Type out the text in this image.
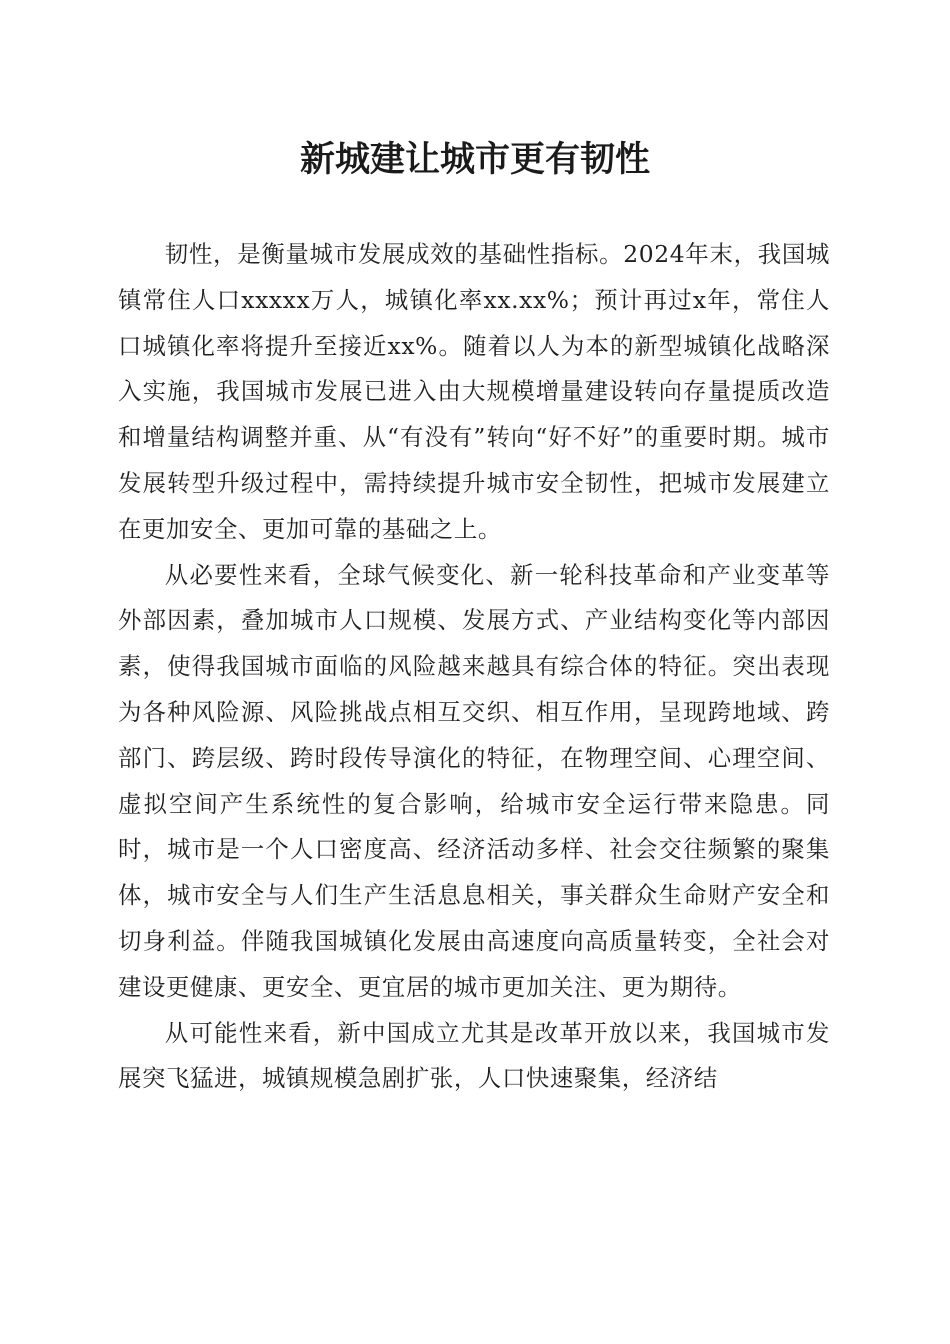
新城建让城市更有韧性

韧性，是衡量城市发展成效的基础性指标。2024年末，我国城镇常住人口xxxxx万人，城镇化率xx.xx%；预计再过x年，常住人口城镇化率将提升至接近xx%。随着以人为本的新型城镇化战略深入实施，我国城市发展已进入由大规模增量建设转向存量提质改造和增量结构调整并重、从“有没有”转向“好不好”的重要时期。城市发展转型升级过程中，需持续提升城市安全韧性，把城市发展建立在更加安全、更加可靠的基础之上。

从必要性来看，全球气候变化、新一轮科技革命和产业变革等外部因素，叠加城市人口规模、发展方式、产业结构变化等内部因素，使得我国城市面临的风险越来越具有综合体的特征。突出表现为各种风险源、风险挑战点相互交织、相互作用，呈现跨地域、跨部门、跨层级、跨时段传导演化的特征，在物理空间、心理空间、虚拟空间产生系统性的复合影响，给城市安全运行带来隐患。同时，城市是一个人口密度高、经济活动多样、社会交往频繁的聚集体，城市安全与人们生产生活息息相关，事关群众生命财产安全和切身利益。伴随我国城镇化发展由高速度向高质量转变，全社会对建设更健康、更安全、更宜居的城市更加关注、更为期待。

从可能性来看，新中国成立尤其是改革开放以来，我国城市发展突飞猛进，城镇规模急剧扩张，人口快速聚集，经济结
